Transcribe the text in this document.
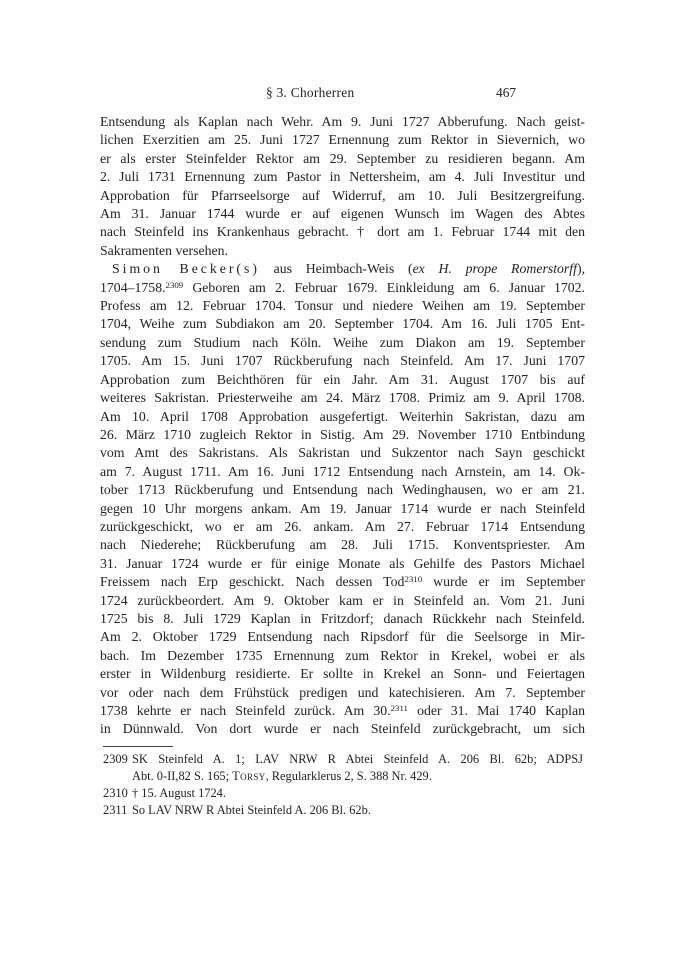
§ 3. Chorherren	467
Entsendung als Kaplan nach Wehr. Am 9. Juni 1727 Abberufung. Nach geist-
lichen Exerzitien am 25. Juni 1727 Ernennung zum Rektor in Sievernich, wo
er als erster Steinfelder Rektor am 29. September zu residieren begann. Am
2. Juli 1731 Ernennung zum Pastor in Nettersheim, am 4. Juli Investitur und
Approbation für Pfarrseelsorge auf Widerruf, am 10. Juli Besitzergreifung.
Am 31. Januar 1744 wurde er auf eigenen Wunsch im Wagen des Abtes
nach Steinfeld ins Krankenhaus gebracht. † dort am 1. Februar 1744 mit den
Sakramenten versehen.
Simon Becker(s) aus Heimbach-Weis (ex H. prope Romerstorff),
1704–1758.$^{2309}$ Geboren am 2. Februar 1679. Einkleidung am 6. Januar 1702.
Profess am 12. Februar 1704. Tonsur und niedere Weihen am 19. September
1704, Weihe zum Subdiakon am 20. September 1704. Am 16. Juli 1705 Ent-
sendung zum Studium nach Köln. Weihe zum Diakon am 19. September
1705. Am 15. Juni 1707 Rückberufung nach Steinfeld. Am 17. Juni 1707
Approbation zum Beichthören für ein Jahr. Am 31. August 1707 bis auf
weiteres Sakristan. Priesterweihe am 24. März 1708. Primiz am 9. April 1708.
Am 10. April 1708 Approbation ausgefertigt. Weiterhin Sakristan, dazu am
26. März 1710 zugleich Rektor in Sistig. Am 29. November 1710 Entbindung
vom Amt des Sakristans. Als Sakristan und Sukzentor nach Sayn geschickt
am 7. August 1711. Am 16. Juni 1712 Entsendung nach Arnstein, am 14. Ok-
tober 1713 Rückberufung und Entsendung nach Wedinghausen, wo er am 21.
gegen 10 Uhr morgens ankam. Am 19. Januar 1714 wurde er nach Steinfeld
zurückgeschickt, wo er am 26. ankam. Am 27. Februar 1714 Entsendung
nach Niederehe; Rückberufung am 28. Juli 1715. Konventspriester. Am
31. Januar 1724 wurde er für einige Monate als Gehilfe des Pastors Michael
Freissem nach Erp geschickt. Nach dessen Tod$^{2310}$ wurde er im September
1724 zurückbeordert. Am 9. Oktober kam er in Steinfeld an. Vom 21. Juni
1725 bis 8. Juli 1729 Kaplan in Fritzdorf; danach Rückkehr nach Steinfeld.
Am 2. Oktober 1729 Entsendung nach Ripsdorf für die Seelsorge in Mir-
bach. Im Dezember 1735 Ernennung zum Rektor in Krekel, wobei er als
erster in Wildenburg residierte. Er sollte in Krekel an Sonn- und Feiertagen
vor oder nach dem Frühstück predigen und katechisieren. Am 7. September
1738 kehrte er nach Steinfeld zurück. Am 30.$^{2311}$ oder 31. Mai 1740 Kaplan
in Dünnwald. Von dort wurde er nach Steinfeld zurückgebracht, um sich
2309 SK Steinfeld A. 1; LAV NRW R Abtei Steinfeld A. 206 Bl. 62b; ADPSJ
Abt. 0-II,82 S. 165; Torsy, Regularklerus 2, S. 388 Nr. 429.
2310 † 15. August 1724.
2311 So LAV NRW R Abtei Steinfeld A. 206 Bl. 62b.
